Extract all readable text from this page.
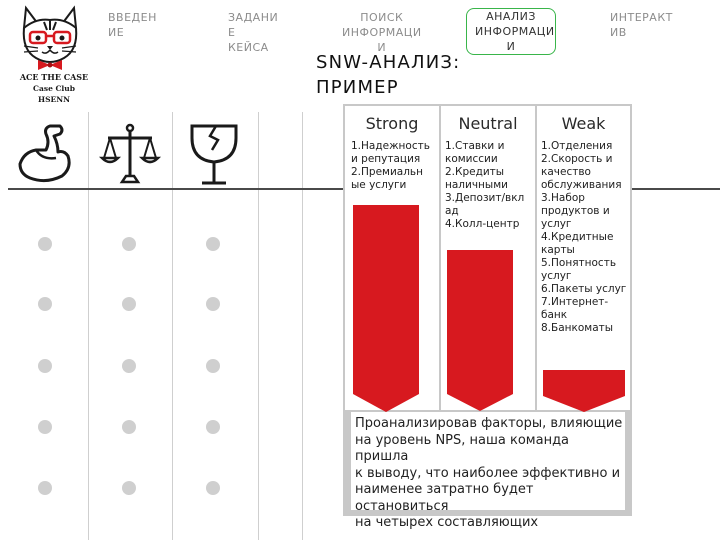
ACE THE CASE
Case Club
HSENN
ВВЕДЕН
ИЕ
ЗАДАНИ
Е
КЕЙСА
ПОИСК
ИНФОРМАЦИ
И
АНАЛИЗ
ИНФОРМАЦИ
И
ИНТЕРАКТ
ИВ
SNW-АНАЛИЗ:
ПРИМЕР
Strong	Neutral	Weak
1.Надежность
и репутация
2.Премиальн
ые услуги
1.Ставки и
комиссии
2.Кредиты
наличными
3.Депозит/вкл
ад
4.Колл-центр
1.Отделения
2.Скорость и
качество
обслуживания
3.Набор
продуктов и
услуг
4.Кредитные
карты
5.Понятность
услуг
6.Пакеты услуг
7.Интернет-
банк
8.Банкоматы
Проанализировав факторы, влияющие
на уровень NPS, наша команда пришла
к выводу, что наиболее эффективно и
наименее затратно будет остановиться
на четырех составляющих
